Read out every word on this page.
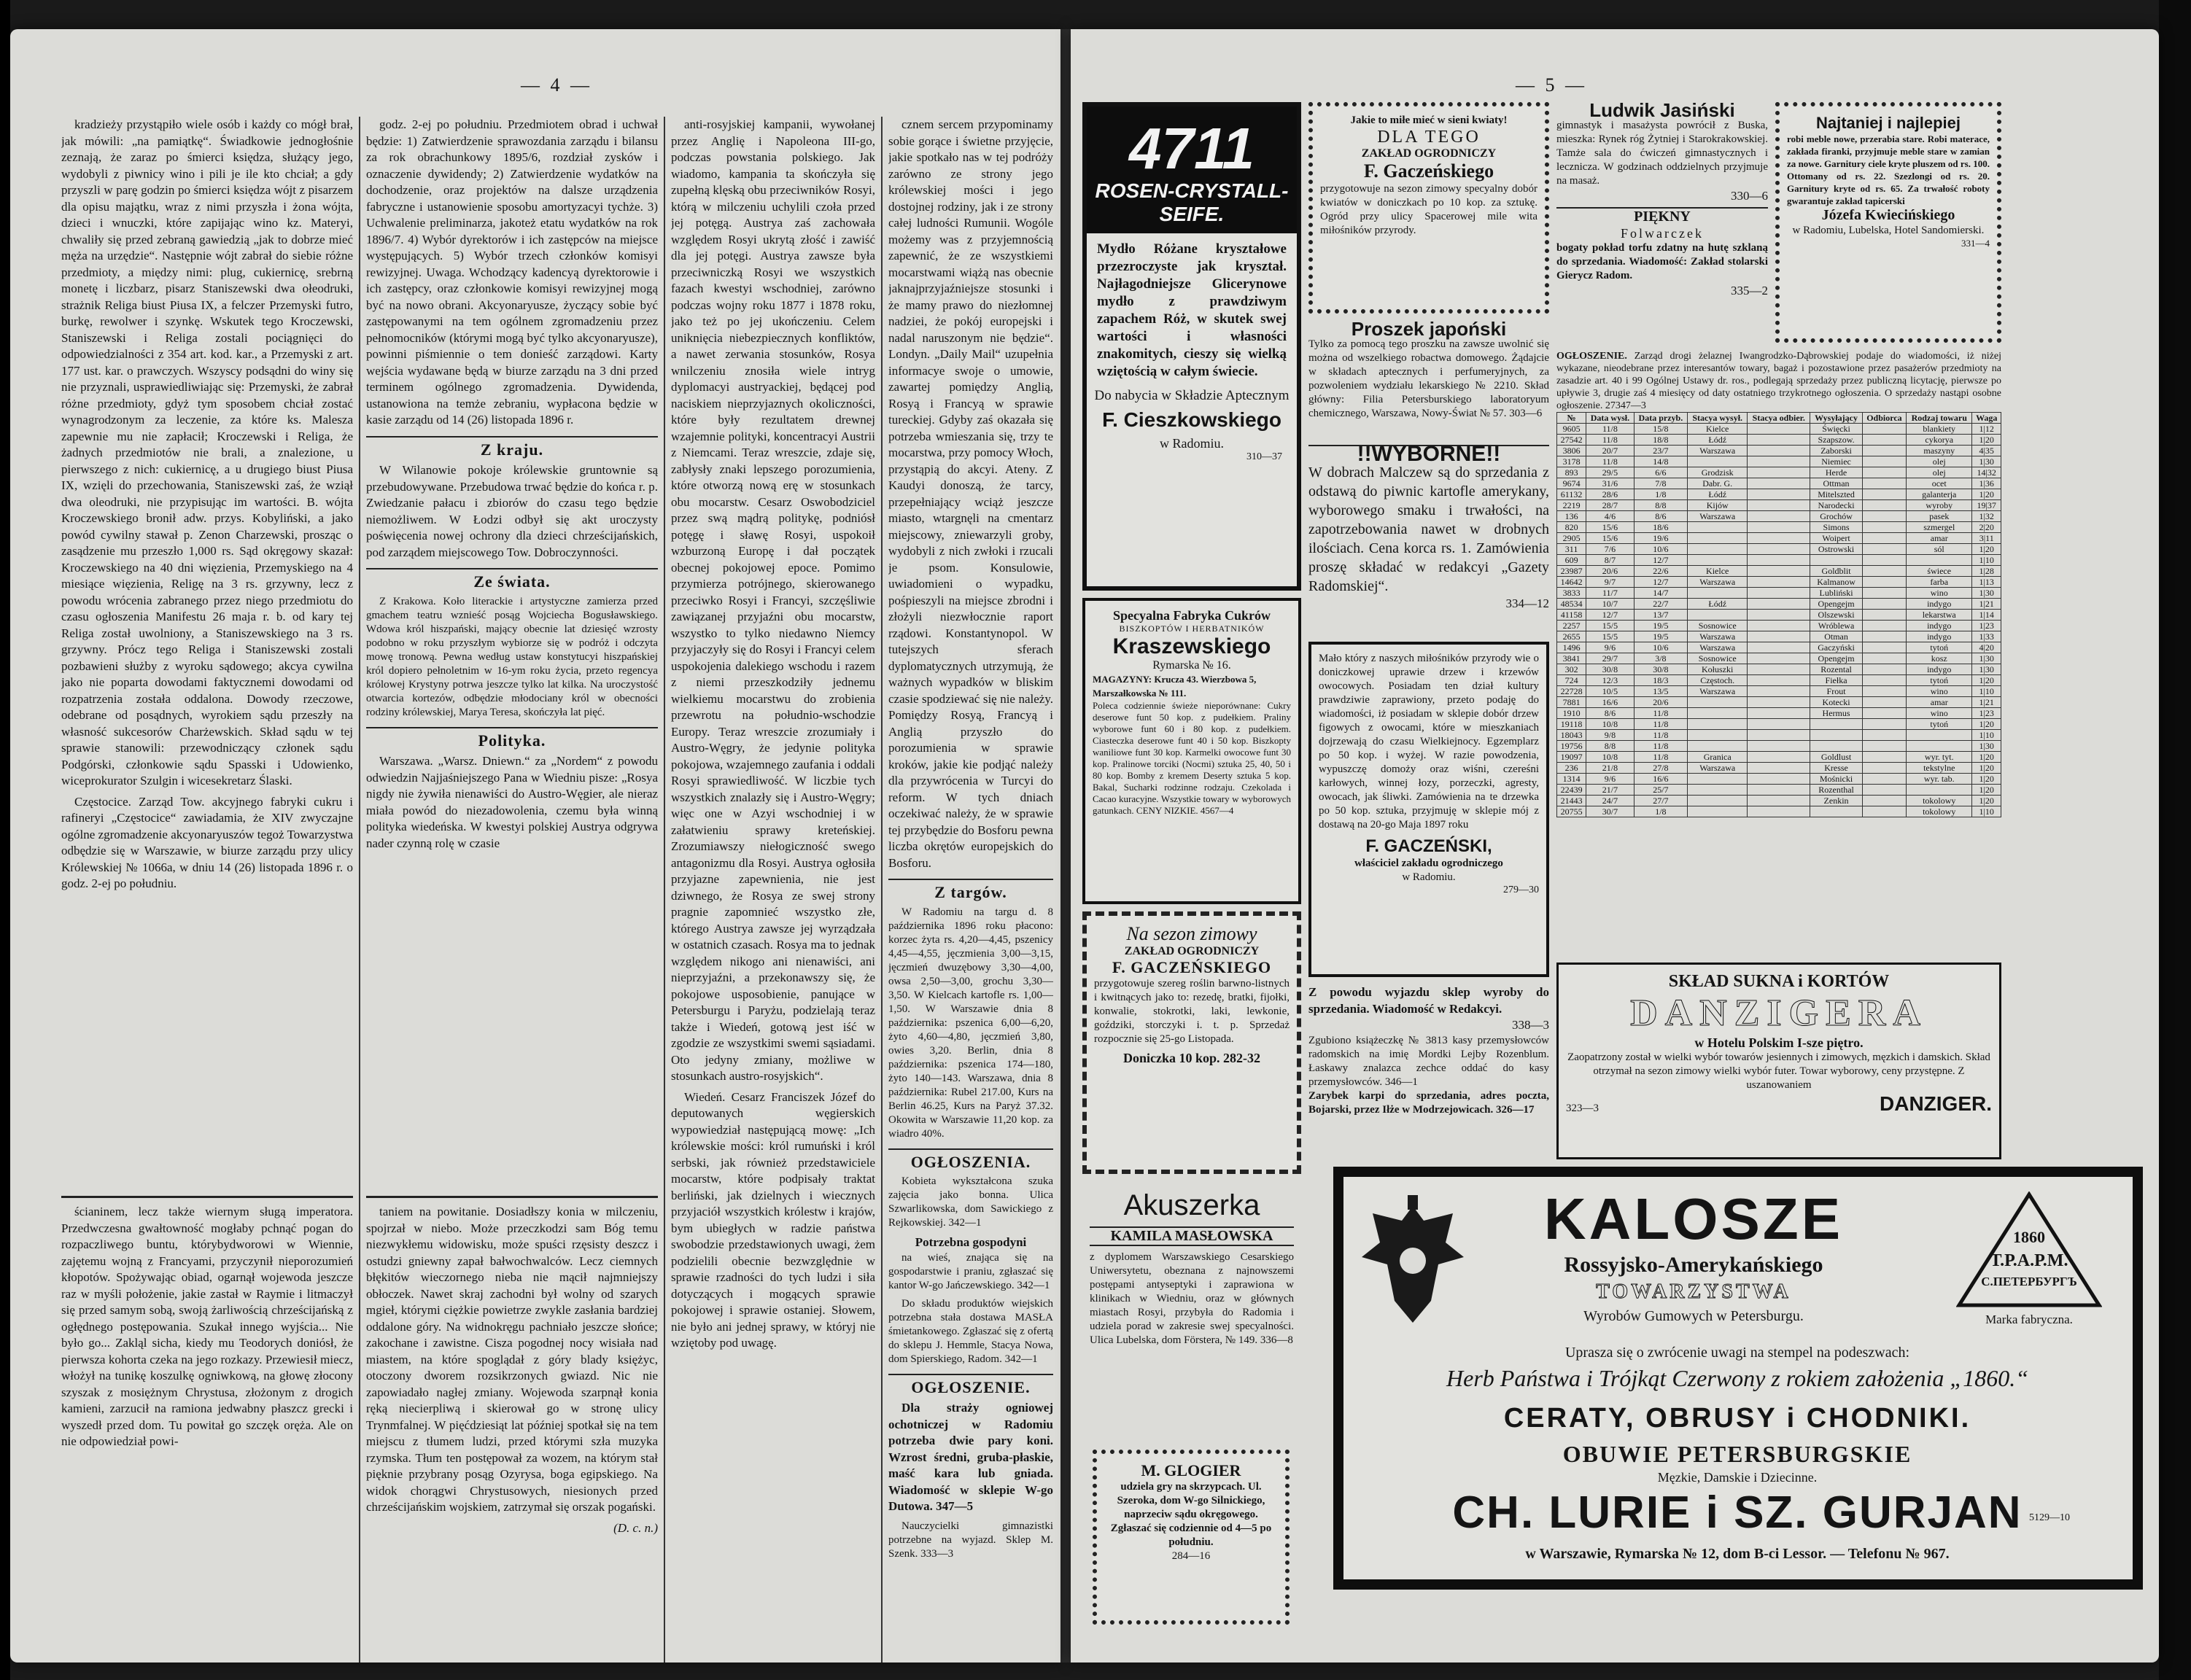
— 4 —

kradzieży przystąpiło wiele osób i każdy co mógł brał, jak mówili: „na pamiątkę“. Świadkowie jednogłośnie zeznają, że zaraz po śmierci księdza, służący jego, wydobyli z piwnicy wino i pili je ile kto chciał; a gdy przyszli w parę godzin po śmierci księdza wójt z pisarzem dla opisu majątku, wraz z nimi przyszła i żona wójta, dzieci i wnuczki, które zapijając wino kz. Materyi, chwaliły się przed zebraną gawiedzią „jak to dobrze mieć męża na urzędzie“. Następnie wójt zabrał do siebie różne przedmioty, a między nimi: plug, cukiernicę, srebrną monetę i liczbarz, pisarz Staniszewski dwa ołeodruki, strażnik Religa biust Piusa IX, a felczer Przemyski futro, burkę, rewolwer i szynkę. Wskutek tego Kroczewski, Staniszewski i Religa zostali pociągnięci do odpowiedzialności z 354 art. kod. kar., a Przemyski z art. 177 ust. kar. o prawczych. Wszyscy podsądni do winy się nie przyznali, usprawiedliwiając się: Przemyski, że zabrał różne przedmioty, gdyż tym sposobem chciał zostać wynagrodzonym za leczenie, za które ks. Malesza zapewnie mu nie zapłacił; Kroczewski i Religa, że żadnych przedmiotów nie brali, a znalezione, u pierwszego z nich: cukiernicę, a u drugiego biust Piusa IX, wzięli do przechowania, Staniszewski zaś, że wziął dwa oleodruki, nie przypisując im wartości. B. wójta Kroczewskiego bronił adw. przys. Kobyliński, a jako powód cywilny stawał p. Zenon Charzewski, prosząc o zasądzenie mu przeszło 1,000 rs. Sąd okręgowy skazał: Kroczewskiego na 40 dni więzienia, Przemyskiego na 4 miesiące więzienia, Religę na 3 rs. grzywny, lecz z powodu wrócenia zabranego przez niego przedmiotu do czasu ogłoszenia Manifestu 26 maja r. b. od kary tej Religa został uwolniony, a Staniszewskiego na 3 rs. grzywny. Prócz tego Religa i Staniszewski zostali pozbawieni służby z wyroku sądowego; akcya cywilna jako nie poparta dowodami faktycznemi dowodami od rozpatrzenia została oddalona. Dowody rzeczowe, odebrane od posądnych, wyrokiem sądu przeszły na własność sukcesorów Charżewskich. Skład sądu w tej sprawie stanowili: przewodniczący członek sądu Podgórski, członkowie sądu Spasski i Udowienko, wiceprokurator Szulgin i wicesekretarz Ślaski.

Częstocice. Zarząd Tow. akcyjnego fabryki cukru i rafineryi „Częstocice“ zawiadamia, że XIV zwyczajne ogólne zgromadzenie akcyonaryuszów tegoż Towarzystwa odbędzie się w Warszawie, w biurze zarządu przy ulicy Królewskiej № 1066a, w dniu 14 (26) listopada 1896 r. o godz. 2-ej po południu.

godz. 2-ej po południu. Przedmiotem obrad i uchwał będzie: 1) Zatwierdzenie sprawozdania zarządu i bilansu za rok obrachunkowy 1895/6, rozdział zysków i oznaczenie dywidendy; 2) Zatwierdzenie wydatków na dochodzenie, oraz projektów na dalsze urządzenia fabryczne i ustanowienie sposobu amortyzacyi tychże. 3) Uchwalenie preliminarza, jakoteż etatu wydatków na rok 1896/7. 4) Wybór dyrektorów i ich zastępców na miejsce występujących. 5) Wybór trzech członków komisyi rewizyjnej. Uwaga. Wchodzący kadencyą dyrektorowie i ich zastępcy, oraz członkowie komisyi rewizyjnej mogą być na nowo obrani. Akcyonaryusze, życzący sobie być zastępowanymi na tem ogólnem zgromadzeniu przez pełnomocników (którymi mogą być tylko akcyonaryusze), powinni piśmiennie o tem donieść zarządowi. Karty wejścia wydawane będą w biurze zarządu na 3 dni przed terminem ogólnego zgromadzenia. Dywidenda, ustanowiona na temże zebraniu, wypłacona będzie w kasie zarządu od 14 (26) listopada 1896 r.

Z kraju.

W Wilanowie pokoje królewskie gruntownie są przebudowywane. Przebudowa trwać będzie do końca r. p. Zwiedzanie pałacu i zbiorów do czasu tego będzie niemożliwem. W Łodzi odbył się akt uroczysty poświęcenia nowej ochrony dla dzieci chrześcijańskich, pod zarządem miejscowego Tow. Dobroczynności.

Ze świata.

Z Krakowa. Koło literackie i artystyczne zamierza przed gmachem teatru wznieść posąg Wojciecha Bogusławskiego. Wdowa król hiszpański, mający obecnie lat dziesięć wzrosty podobno w roku przyszłym wybiorze się w podróż i odczyta mowę tronową. Pewna według ustaw konstytucyi hiszpańskiej król dopiero pełnoletnim w 16-ym roku życia, przeto regencya królowej Krystyny potrwa jeszcze tylko lat kilka. Na uroczystość otwarcia kortezów, odbędzie młodociany król w obecności rodziny królewskiej, Marya Teresa, skończyła lat pięć.

Polityka.

Warszawa. „Warsz. Dniewn.“ za „Nordem“ z powodu odwiedzin Najjaśniejszego Pana w Wiedniu pisze: „Rosya nigdy nie żywiła nienawiści do Austro-Węgier, ale nieraz miała powód do niezadowolenia, czemu była winną polityka wiedeńska. W kwestyi polskiej Austrya odgrywa nader czynną rolę w czasie

anti-rosyjskiej kampanii, wywołanej przez Anglię i Napoleona III-go, podczas powstania polskiego. Jak wiadomo, kampania ta skończyła się zupełną klęską obu przeciwników Rosyi, którą w milczeniu uchylili czoła przed jej potęgą. Austrya zaś zachowała względem Rosyi ukrytą złość i zawiść dla jej potęgi. Austrya zawsze była przeciwniczką Rosyi we wszystkich fazach kwestyi wschodniej, zarówno podczas wojny roku 1877 i 1878 roku, jako też po jej ukończeniu. Celem uniknięcia niebezpiecznych konfliktów, a nawet zerwania stosunków, Rosya wnilczeniu znosiła wiele intryg dyplomacyi austryackiej, będącej pod naciskiem nieprzyjaznych okoliczności, które były rezultatem drewnej wzajemnie polityki, koncentracyi Austrii z Niemcami. Teraz wreszcie, zdaje się, zabłysły znaki lepszego porozumienia, które otworzą nową erę w stosunkach obu mocarstw. Cesarz Oswobodziciel przez swą mądrą politykę, podniósł potęgę i sławę Rosyi, uspokoił wzburzoną Europę i dał początek obecnej pokojowej epoce. Pomimo przymierza potrójnego, skierowanego przeciwko Rosyi i Francyi, szczęśliwie zawiązanej przyjaźni obu mocarstw, wszystko to tylko niedawno Niemcy przyjaczyły się do Rosyi i Francyi celem uspokojenia dalekiego wschodu i razem z niemi przeszkodziły jednemu wielkiemu mocarstwu do zrobienia przewrotu na południo-wschodzie Europy. Teraz wreszcie zrozumiały i Austro-Węgry, że jedynie polityka pokojowa, wzajemnego zaufania i oddali Rosyi sprawiedliwość. W liczbie tych wszystkich znalazły się i Austro-Węgry; więc one w Azyi wschodniej i w załatwieniu sprawy kreteńskiej. Zrozumiawszy niełogiczność swego antagonizmu dla Rosyi. Austrya ogłosiła przyjazne zapewnienia, nie jest dziwnego, że Rosya ze swej strony pragnie zapomnieć wszystko złe, którego Austrya zawsze jej wyrządzała w ostatnich czasach. Rosya ma to jednak względem nikogo ani nienawiści, ani nieprzyjaźni, a przekonawszy się, że pokojowe usposobienie, panujące w Petersburgu i Paryżu, podzielają teraz także i Wiedeń, gotową jest iść w zgodzie ze wszystkimi swemi sąsiadami. Oto jedyny zmiany, możliwe w stosunkach austro-rosyjskich“.

Wiedeń. Cesarz Franciszek Józef do deputowanych węgierskich wypowiedział następującą mowę: „Ich królewskie mości: król rumuński i król serbski, jak również przedstawiciele mocarstw, które podpisały traktat berliński, jak dzielnych i wiecznych przyjaciół wszystkich królestw i krajów, bym ubiegłych w radzie państwa swobodzie przedstawionych uwagi, żem podzielili obecnie bezwzględnie w sprawie rzadności do tych ludzi i siła dotyczących i mogących sprawie pokojowej i sprawie ostaniej. Słowem, nie było ani jednej sprawy, w któryj nie wziętoby pod uwagę.

cznem sercem przypominamy sobie gorące i świetne przyjęcie, jakie spotkało nas w tej podróży zarówno ze strony jego królewskiej mości i jego dostojnej rodziny, jak i ze strony całej ludności Rumunii. Wogóle możemy was z przyjemnością zapewnić, że ze wszystkiemi mocarstwami wiążą nas obecnie jaknajprzyjaźniejsze stosunki i że mamy prawo do niezłomnej nadziei, że pokój europejski i nadal naruszonym nie będzie“. Londyn. „Daily Mail“ uzupełnia informacye swoje o umowie, zawartej pomiędzy Anglią, Rosyą i Francyą w sprawie tureckiej. Gdyby zaś okazała się potrzeba wmieszania się, trzy te mocarstwa, przy pomocy Włoch, przystąpią do akcyi. Ateny. Z Kaudyi donoszą, że tarcy, przepełniający wciąż jeszcze miasto, wtargnęli na cmentarz miejscowy, zniewarzyli groby, wydobyli z nich zwłoki i rzucali je psom. Konsulowie, uwiadomieni o wypadku, pośpieszyli na miejsce zbrodni i złożyli niezwłocznie raport rządowi. Konstantynopol. W tutejszych sferach dyplomatycznych utrzymują, że ważnych wypadków w bliskim czasie spodziewać się nie należy. Pomiędzy Rosyą, Francyą i Anglią przyszło do porozumienia w sprawie kroków, jakie kie podjąć należy dla przywrócenia w Turcyi do reform. W tych dniach oczekiwać należy, że w sprawie tej przybędzie do Bosforu pewna liczba okrętów europejskich do Bosforu.

Z targów.

W Radomiu na targu d. 8 października 1896 roku płacono: korzec żyta rs. 4,20—4,45, pszenicy 4,45—4,55, jęczmienia 3,00—3,15, jęczmień dwuzębowy 3,30—4,00, owsa 2,50—3,00, grochu 3,30—3,50. W Kielcach kartofle rs. 1,00—1,50. W Warszawie dnia 8 października: pszenica 6,00—6,20, żyto 4,60—4,80, jęczmień 3,80, owies 3,20. Berlin, dnia 8 października: pszenica 174—180, żyto 140—143. Warszawa, dnia 8 października: Rubel 217.00, Kurs na Berlin 46.25, Kurs na Paryż 37.32. Okowita w Warszawie 11,20 kop. za wiadro 40%.

OGŁOSZENIA.

Kobieta wykształcona szuka zajęcia jako bonna. Ulica Szwarlikowska, dom Sawickiego z Rejkowskiej. 342—1

Potrzebna gospodyni

na wieś, znająca się na gospodarstwie i praniu, zgłaszać się kantor W-go Jańczewskiego. 342—1

Do składu produktów wiejskich potrzebna stała dostawa MASŁA śmietankowego. Zgłaszać się z ofertą do sklepu J. Hemmle, Stacya Nowa, dom Spierskiego, Radom. 342—1

OGŁOSZENIE.

Dla straży ogniowej ochotniczej w Radomiu potrzeba dwie pary koni. Wzrost średni, gruba-płaskie, maść kara lub gniada. Wiadomość w sklepie W-go Dutowa. 347—5

Nauczycielki gimnazistki potrzebne na wyjazd. Sklep M. Szenk. 333—3

ścianinem, lecz także wiernym sługą imperatora. Przedwczesna gwałtowność mogłaby pchnąć pogan do rozpaczliwego buntu, którybydworowi w Wiennie, zajętemu wojną z Francyami, przyczynił nieporozumień kłopotów. Spożywając obiad, ogarnął wojewoda jeszcze raz w myśli położenie, jakie zastał w Raymie i litmaczył się przed samym sobą, swoją żarliwością chrześcijańską z ogłędnego postępowania. Szukał innego wyjścia... Nie było go... Zakląl sicha, kiedy mu Teodorych doniósł, że pierwsza kohorta czeka na jego rozkazy. Przewiesił miecz, włożył na tunikę koszulkę ogniwkową, na głowę złocony szyszak z mosiężnym Chrystusa, złożonym z drogich kamieni, zarzucił na ramiona jedwabny płaszcz grecki i wyszedł przed dom. Tu powitał go szczęk oręża. Ale on nie odpowiedział powi-

taniem na powitanie. Dosiadłszy konia w milczeniu, spojrzał w niebo. Może przeczkodzi sam Bóg temu niezwykłemu widowisku, może spuści rzęsisty deszcz i ostudzi gniewny zapał bałwochwalców. Lecz ciemnych błękitów wieczornego nieba nie mącił najmniejszy obłoczek. Nawet skraj zachodni był wolny od szarych mgieł, którymi ciężkie powietrze zwykle zasłania bardziej oddalone góry. Na widnokręgu pachniało jeszcze słońce; zakochane i zawistne. Cisza pogodnej nocy wisiała nad miastem, na które spoglądał z góry blady księżyc, otoczony dworem rozsikrzonych gwiazd. Nic nie zapowiadało nagłej zmiany. Wojewoda szarpnął konia ręką niecierpliwą i skierował go w stronę ulicy Trynmfalnej. W pięćdziesiąt lat później spotkał się na tem miejscu z tłumem ludzi, przed którymi szła muzyka rzymska. Tłum ten postępował za wozem, na którym stał pięknie przybrany posąg Ozyrysa, boga egipskiego. Na widok chorągwi Chrystusowych, niesionych przed chrześcijańskim wojskiem, zatrzymał się orszak pogański.

(D. c. n.)
— 5 —
4711
ROSEN-CRYSTALL-SEIFE.
Mydło Różane kryształowe przezroczyste jak kryształ. Najłagodniejsze Glicerynowe mydło z prawdziwym zapachem Róż, w skutek swej wartości i własności znakomitych, cieszy się wielką wziętością w całym świecie.
Do nabycia w Składzie Aptecznym
F. Cieszkowskiego
w Radomiu.
310—37
Specyalna Fabryka Cukrów
BISZKOPTÓW I HERBATNIKÓW
Kraszewskiego
Rymarska № 16.
MAGAZYNY: Krucza 43. Wierzbowa 5, Marszałkowska № 111.
Poleca codziennie świeże nieporównane: Cukry deserowe funt 50 kop. z pudełkiem. Praliny wyborowe funt 60 i 80 kop. z pudełkiem. Ciasteczka deserowe funt 40 i 50 kop. Biszkopty waniliowe funt 30 kop. Karmelki owocowe funt 30 kop. Pralinowe torciki (Nocmi) sztuka 25, 40, 50 i 80 kop. Bomby z kremem Deserty sztuka 5 kop. Bakal, Sucharki rodzinne rodzaju. Czekolada i Cacao kuracyjne. Wszystkie towary w wyborowych gatunkach. CENY NIZKIE. 4567—4
Na sezon zimowy
ZAKŁAD OGRODNICZY
F. GACZEŃSKIEGO
przygotowuje szereg roślin barwno-listnych i kwitnących jako to: rezedę, bratki, fijołki, konwalie, stokrotki, laki, lewkonie, goździki, storczyki i. t. p. Sprzedaż rozpocznie się 25-go Listopada.
Doniczka 10 kop. 282-32
Akuszerka
KAMILA MASŁOWSKA
z dyplomem Warszawskiego Cesarskiego Uniwersytetu, obeznana z najnowszemi postępami antyseptyki i zaprawiona w klinikach w Wiedniu, oraz w głównych miastach Rosyi, przybyła do Radomia i udziela porad w zakresie swej specyalności. Ulica Lubelska, dom Förstera, № 149. 336—8
M. GLOGIER
udziela gry na skrzypcach. Ul. Szeroka, dom W-go Silnickiego, naprzeciw sądu okręgowego. Zgłaszać się codziennie od 4—5 po południu.
284—16
Jakie to miłe mieć w sieni kwiaty!
DLA TEGO
ZAKŁAD OGRODNICZY
F. Gaczeńskiego
przygotowuje na sezon zimowy specyalny dobór kwiatów w doniczkach po 10 kop. za sztukę. Ogród przy ulicy Spacerowej mile wita miłośników przyrody.
Proszek japoński
Tylko za pomocą tego proszku na zawsze uwolnić się można od wszelkiego robactwa domowego. Żądajcie w składach aptecznych i perfumeryjnych, za pozwoleniem wydziału lekarskiego № 2210. Skład główny: Filia Petersburskiego laboratoryum chemicznego, Warszawa, Nowy-Świat № 57. 303—6
!!WYBORNE!!
W dobrach Malczew są do sprzedania z odstawą do piwnic kartofle amerykany, wyborowego smaku i trwałości, na zapotrzebowania nawet w drobnych ilościach. Cena korca rs. 1. Zamówienia proszę składać w redakcyi „Gazety Radomskiej“.
334—12
Mało który z naszych miłośników przyrody wie o doniczkowej uprawie drzew i krzewów owocowych. Posiadam ten dział kultury prawdziwie zaprawiony, przeto podaję do wiadomości, iż posiadam w sklepie dobór drzew figowych z owocami, które w mieszkaniach dojrzewają do czasu Wielkiejnocy. Egzemplarz po 50 kop. i wyżej. W razie powodzenia, wypuszczę domoży oraz wiśni, czereśni karłowych, winnej łozy, porzeczki, agresty, owocach, jak śliwki. Zamówienia na te drzewka po 50 kop. sztuka, przyjmuję w sklepie mój z dostawą na 20-go Maja 1897 roku
F. GACZEŃSKI,
właściciel zakładu ogrodniczego
w Radomiu.
279—30
Z powodu wyjazdu sklep wyroby do sprzedania. Wiadomość w Redakcyi.
338—3
Zgubiono książeczkę № 3813 kasy przemysłowców radomskich na imię Mordki Lejby Rozenblum. Łaskawy znalazca zechce oddać do kasy przemysłowców. 346—1
Zarybek karpi do sprzedania, adres poczta, Bojarski, przez Iłże w Modrzejowicach. 326—17
Ludwik Jasiński
gimnastyk i masażysta powrócił z Buska, mieszka: Rynek róg Żytniej i Starokrakowskiej. Tamże sala do ćwiczeń gimnastycznych i lecznicza. W godzinach oddzielnych przyjmuje na masaż.
330—6
PIĘKNY
Folwarczek
bogaty pokład torfu zdatny na hutę szklaną do sprzedania. Wiadomość: Zakład stolarski Gierycz Radom.
335—2
Najtaniej i najlepiej
robi meble nowe, przerabia stare. Robi materace, zakłada firanki, przyjmuje meble stare w zamian za nowe. Garnitury ciele kryte pluszem od rs. 100. Ottomany od rs. 22. Szezlongi od rs. 20. Garnitury kryte od rs. 65. Za trwałość roboty gwarantuje zakład tapicerski
Józefa Kwiecińskiego
w Radomiu, Lubelska, Hotel Sandomierski.
331—4
OGŁOSZENIE. Zarząd drogi żelaznej Iwangrodzko-Dąbrowskiej podaje do wiadomości, iż niżej wykazane, nieodebrane przez interesantów towary, bagaż i pozostawione przez pasażerów przedmioty na zasadzie art. 40 i 99 Ogólnej Ustawy dr. ros., podlegają sprzedaży przez publiczną licytację, pierwsze po upływie 3, drugie zaś 4 miesięcy od daty ostatniego trzykrotnego ogłoszenia. O sprzedaży nastąpi osobne ogłoszenie. 27347—3
№	Data wysł.	Data przyb.	Stacya wysył.	Stacya odbier.	Wysyłający	Odbiorca	Rodzaj towaru	Waga
9605	11/8	15/8	Kielce		Święcki		blankiety	1|12
27542	11/8	18/8	Łódź		Szapszow.		cykorya	1|20
3806	20/7	23/7	Warszawa		Zaborski		maszyny	4|35
3178	11/8	14/8			Niemiec		olej	1|30
893	29/5	6/6	Grodzisk		Herde		olej	14|32
9674	31/6	7/8	Dabr. G.		Ottman		ocet	1|36
61132	28/6	1/8	Łódź		Mitelszted		galanterja	1|20
2219	28/7	8/8	Kijów		Narodecki		wyroby	19|37
136	4/6	8/6	Warszawa		Grochów		pasek	1|32
820	15/6	18/6			Simons		szmergel	2|20
2905	15/6	19/6			Woipert		amar	3|11
311	7/6	10/6			Ostrowski		sól	1|20
609	8/7	12/7						1|10
23987	20/6	22/6	Kielce		Goldblit		świece	1|28
14642	9/7	12/7	Warszawa		Kalmanow		farba	1|13
3833	11/7	14/7			Lubliński		wino	1|30
48534	10/7	22/7	Łódź		Opengejm		indygo	1|21
41158	12/7	13/7			Olszewski		lekarstwa	1|14
2257	15/5	19/5	Sosnowice		Wróblewa		indygo	1|23
2655	15/5	19/5	Warszawa		Otman		indygo	1|33
1496	9/6	10/6	Warszawa		Gaczyński		tytoń	4|20
3841	29/7	3/8	Sosnowice		Opengejm		kosz	1|30
302	30/8	30/8	Kołuszki		Rozental		indygo	1|30
724	12/3	18/3	Częstoch.		Fiełka		tytoń	1|20
22728	10/5	13/5	Warszawa		Frout		wino	1|10
7881	16/6	20/6			Kotecki		amar	1|21
1910	8/6	11/8			Hermus		wino	1|23
19118	10/8	11/8					tytoń	1|20
18043	9/8	11/8						1|10
19756	8/8	11/8						1|30
19097	10/8	11/8	Granica		Goldlust		wyr. tyt.	1|20
236	21/8	27/8	Warszawa		Kresse		tekstylne	1|20
1314	9/6	16/6			Mośnicki		wyr. tab.	1|20
22439	21/7	25/7			Rozenthal			1|20
21443	24/7	27/7			Zenkin		tokolowy	1|20
20755	30/7	1/8					tokolowy	1|10
SKŁAD SUKNA i KORTÓW
DANZIGERA
w Hotelu Polskim I-sze piętro.
Zaopatrzony został w wielki wybór towarów jesiennych i zimowych, męzkich i damskich. Skład otrzymał na sezon zimowy wielki wybór futer. Towar wyborowy, ceny przystępne. Z uszanowaniem
323—3	DANZIGER.
KALOSZE
Rossyjsko-Amerykańskiego
TOWARZYSTWA
Wyrobów Gumowych w Petersburgu.
1860
Т.Р.А.Р.М.
С.ПЕТЕРБУРГЪ
Marka fabryczna.
Uprasza się o zwrócenie uwagi na stempel na podeszwach:
Herb Państwa i Trójkąt Czerwony z rokiem założenia „1860.“
CERATY, OBRUSY i CHODNIKI.
OBUWIE PETERSBURGSKIE
Męzkie, Damskie i Dziecinne.
CH. LURIE i SZ. GURJAN
w Warszawie, Rymarska № 12, dom B-ci Lessor. — Telefonu № 967.
5129—10
